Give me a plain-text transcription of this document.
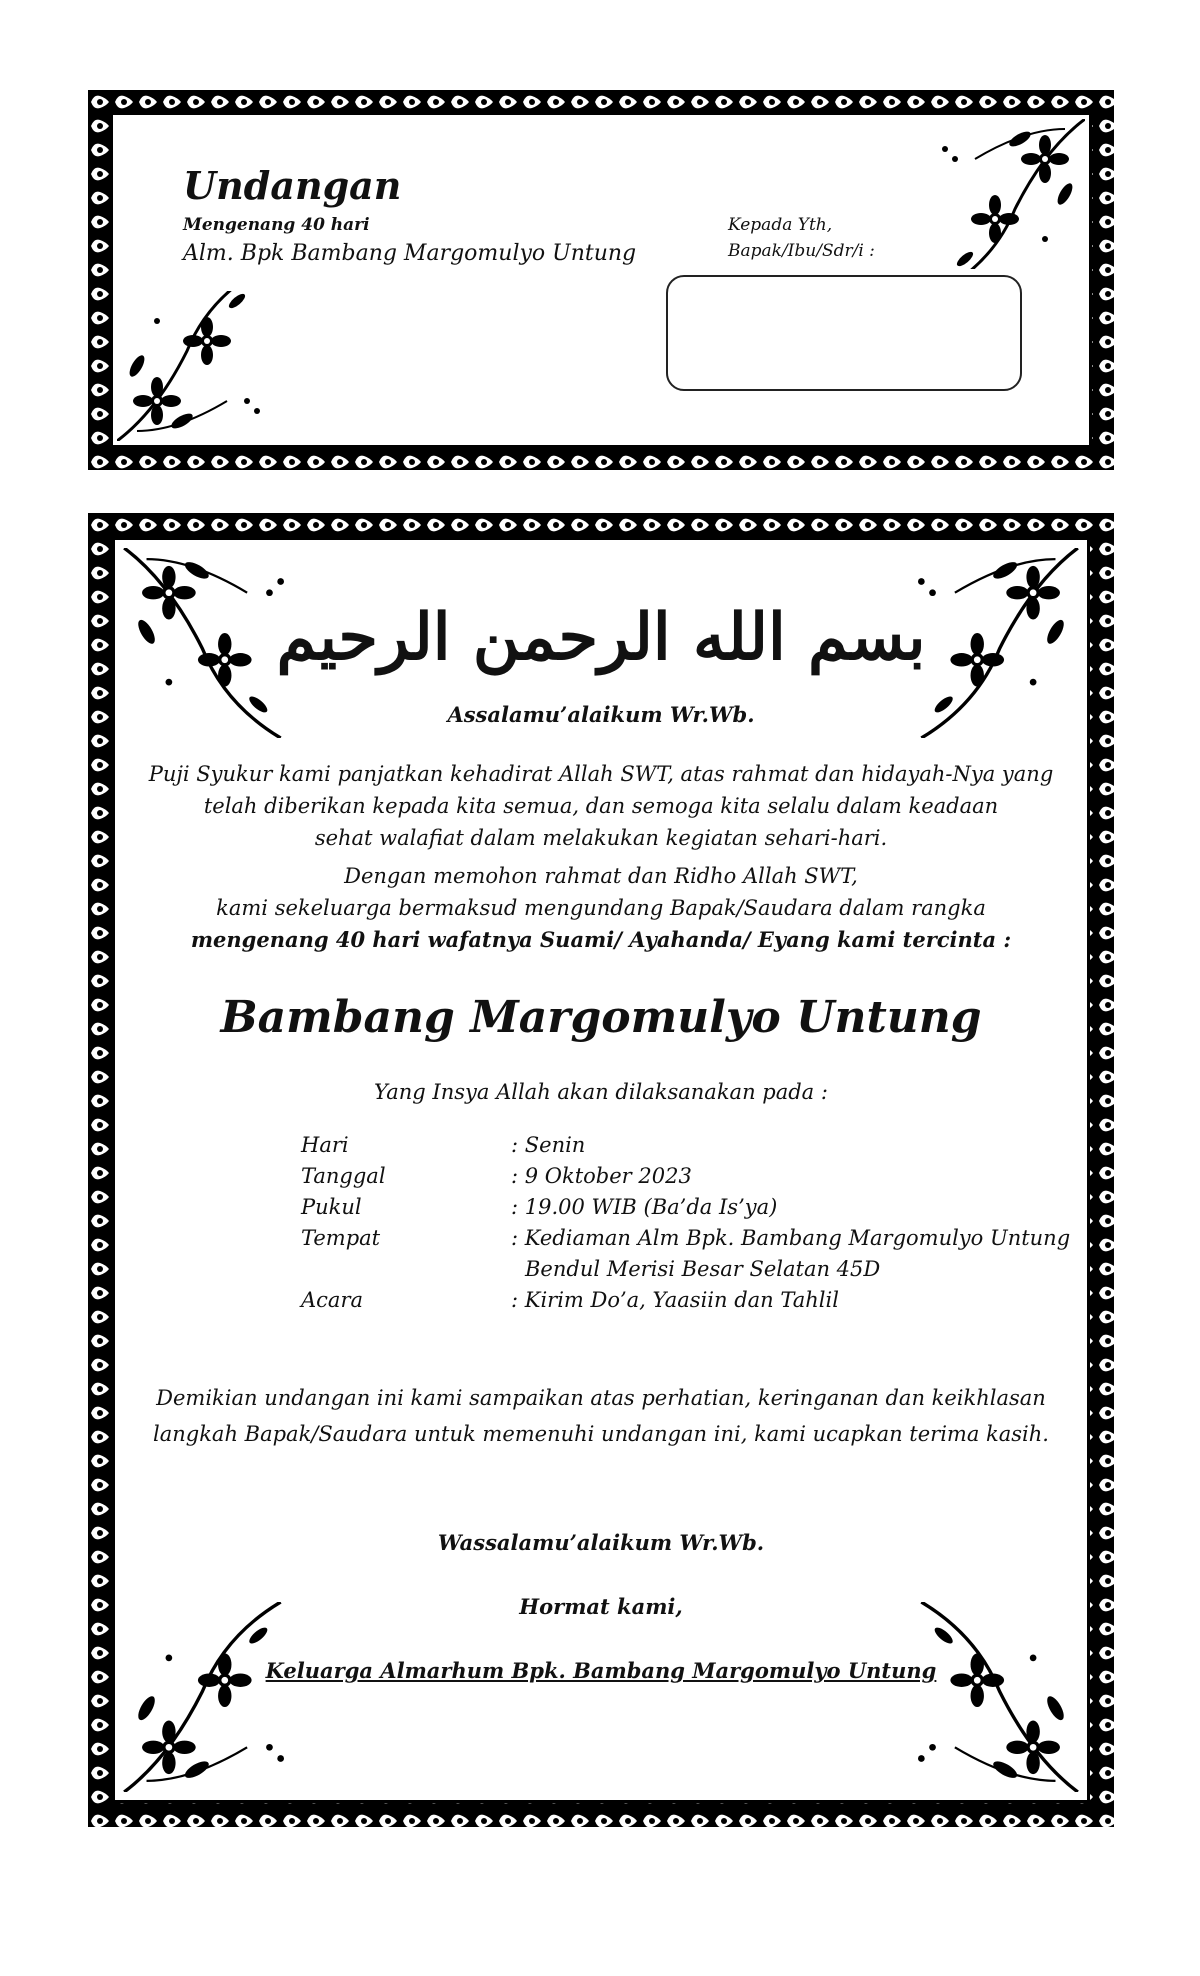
Undangan
Mengenang 40 hari
Alm. Bpk Bambang Margomulyo Untung
Kepada Yth,
Bapak/Ibu/Sdr/i :
بسم الله الرحمن الرحيم
Assalamu’alaikum Wr.Wb.
Puji Syukur kami panjatkan kehadirat Allah SWT, atas rahmat dan hidayah-Nya yang
telah diberikan kepada kita semua, dan semoga kita selalu dalam keadaan
sehat walafiat dalam melakukan kegiatan sehari-hari.
Dengan memohon rahmat dan Ridho Allah SWT,
kami sekeluarga bermaksud mengundang Bapak/Saudara dalam rangka
mengenang 40 hari wafatnya Suami/ Ayahanda/ Eyang kami tercinta :
Bambang Margomulyo Untung
Yang Insya Allah akan dilaksanakan pada :
Hari	: Senin
Tanggal	: 9 Oktober 2023
Pukul	: 19.00 WIB (Ba’da Is’ya)
Tempat	: Kediaman Alm Bpk. Bambang Margomulyo Untung
Bendul Merisi Besar Selatan 45D
Acara	: Kirim Do’a, Yaasiin dan Tahlil
Demikian undangan ini kami sampaikan atas perhatian, keringanan dan keikhlasan
langkah Bapak/Saudara untuk memenuhi undangan ini, kami ucapkan terima kasih.
Wassalamu’alaikum Wr.Wb.
Hormat kami,
Keluarga Almarhum Bpk. Bambang Margomulyo Untung
